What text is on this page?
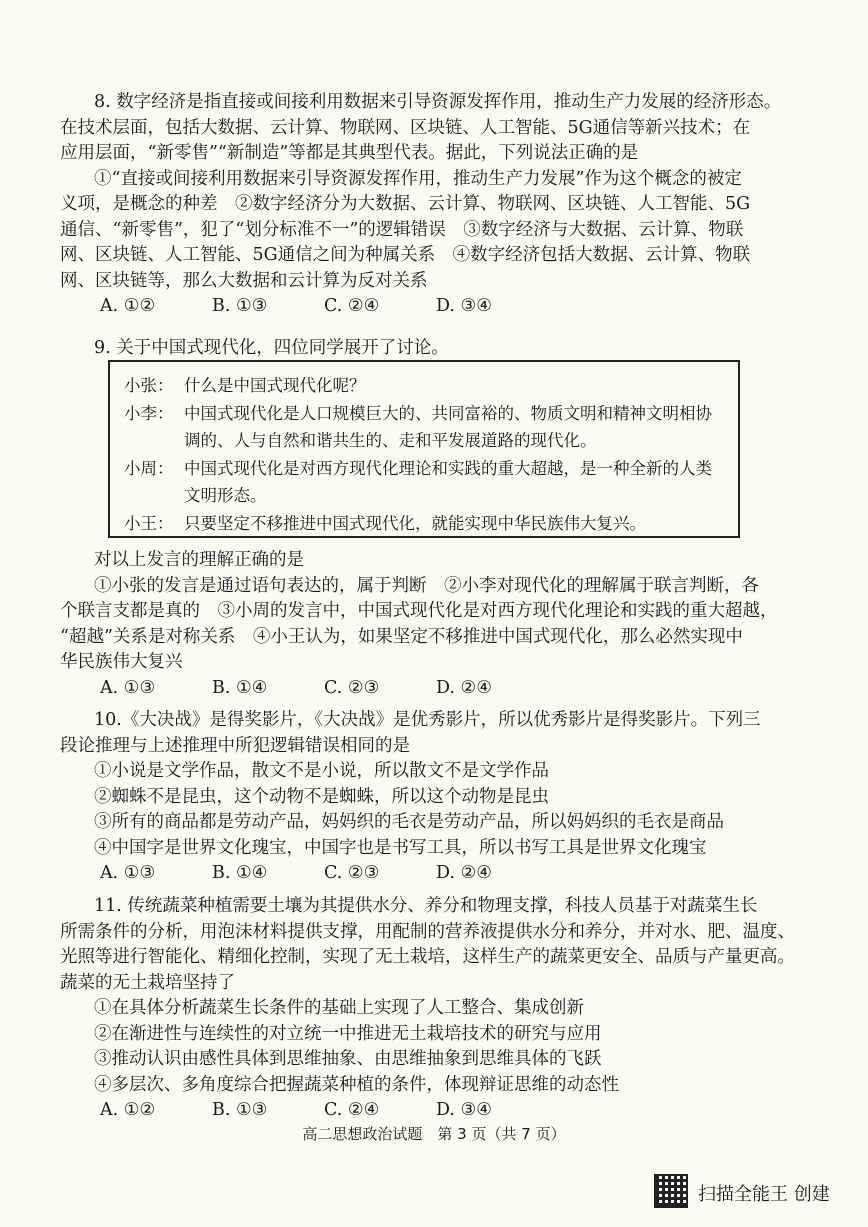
8. 数字经济是指直接或间接利用数据来引导资源发挥作用，推动生产力发展的经济形态。

在技术层面，包括大数据、云计算、物联网、区块链、人工智能、5G通信等新兴技术；在

应用层面，“新零售”“新制造”等都是其典型代表。据此，下列说法正确的是

①“直接或间接利用数据来引导资源发挥作用，推动生产力发展”作为这个概念的被定

义项，是概念的种差　②数字经济分为大数据、云计算、物联网、区块链、人工智能、5G

通信、“新零售”，犯了“划分标准不一”的逻辑错误　③数字经济与大数据、云计算、物联

网、区块链、人工智能、5G通信之间为种属关系　④数字经济包括大数据、云计算、物联

网、区块链等，那么大数据和云计算为反对关系

A. ①②	B. ①③	C. ②④	D. ③④

9. 关于中国式现代化，四位同学展开了讨论。

小张： 什么是中国式现代化呢？
小李： 中国式现代化是人口规模巨大的、共同富裕的、物质文明和精神文明相协调的、人与自然和谐共生的、走和平发展道路的现代化。
小周： 中国式现代化是对西方现代化理论和实践的重大超越，是一种全新的人类文明形态。
小王： 只要坚定不移推进中国式现代化，就能实现中华民族伟大复兴。

对以上发言的理解正确的是

①小张的发言是通过语句表达的，属于判断　②小李对现代化的理解属于联言判断，各

个联言支都是真的　③小周的发言中，中国式现代化是对西方现代化理论和实践的重大超越，

“超越”关系是对称关系　④小王认为，如果坚定不移推进中国式现代化，那么必然实现中

华民族伟大复兴

A. ①③	B. ①④	C. ②③	D. ②④

10.《大决战》是得奖影片，《大决战》是优秀影片，所以优秀影片是得奖影片。下列三

段论推理与上述推理中所犯逻辑错误相同的是

①小说是文学作品，散文不是小说，所以散文不是文学作品

②蜘蛛不是昆虫，这个动物不是蜘蛛，所以这个动物是昆虫

③所有的商品都是劳动产品，妈妈织的毛衣是劳动产品，所以妈妈织的毛衣是商品

④中国字是世界文化瑰宝，中国字也是书写工具，所以书写工具是世界文化瑰宝

A. ①③	B. ①④	C. ②③	D. ②④

11. 传统蔬菜种植需要土壤为其提供水分、养分和物理支撑，科技人员基于对蔬菜生长

所需条件的分析，用泡沫材料提供支撑，用配制的营养液提供水分和养分，并对水、肥、温度、

光照等进行智能化、精细化控制，实现了无土栽培，这样生产的蔬菜更安全、品质与产量更高。

蔬菜的无土栽培坚持了

①在具体分析蔬菜生长条件的基础上实现了人工整合、集成创新

②在渐进性与连续性的对立统一中推进无土栽培技术的研究与应用

③推动认识由感性具体到思维抽象、由思维抽象到思维具体的飞跃

④多层次、多角度综合把握蔬菜种植的条件，体现辩证思维的动态性

A. ①②	B. ①③	C. ②④	D. ③④
高二思想政治试题　第 3 页（共 7 页）
扫描全能王 创建
